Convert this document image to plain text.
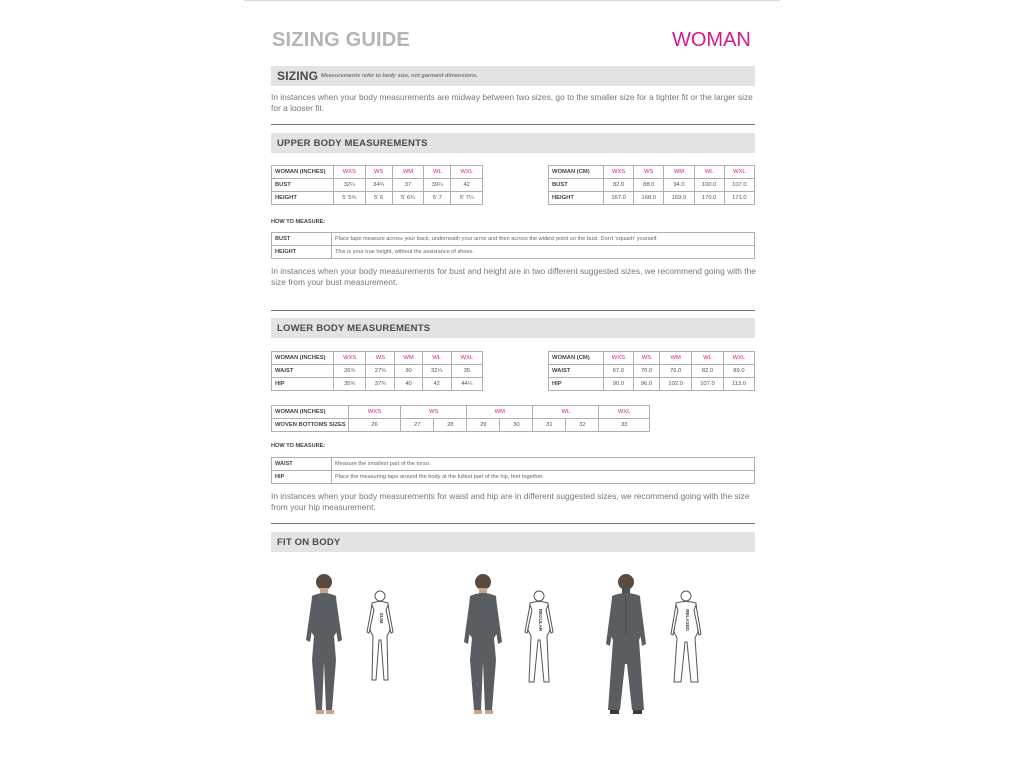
SIZING GUIDE	WOMAN
SIZING Measurements refer to body size, not garment dimensions.
In instances when your body measurements are midway between two sizes, go to the smaller size for a tighter fit or the larger size for a looser fit.
UPPER BODY MEASUREMENTS
WOMAN (INCHES)	WXS	WS	WM	WL	WXL
BUST	32¼	34¾	37	39¼	42
HEIGHT	5' 5¾	5' 6	5' 6¾	5' 7	5' 7¼
WOMAN (CM)	WXS	WS	WM	WL	WXL
BUST	82.0	88.0	94.0	100.0	107.0
HEIGHT	167.0	168.0	169.0	170.0	171.0
HOW TO MEASURE:
BUST	Place tape measure across your back, underneath your arms and then across the widest point on the bust. Don't 'squash' yourself.
HEIGHT	This is your true height, without the assistance of shoes.
In instances when your body measurements for bust and height are in two different suggested sizes, we recommend going with the size from your bust measurement.
LOWER BODY MEASUREMENTS
WOMAN (INCHES)	WXS	WS	WM	WL	WXL
WAIST	26¾	27¾	30	32¼	35
HIP	35¾	37¾	40	42	44¼
WOMAN (CM)	WXS	WS	WM	WL	WXL
WAIST	67.0	70.0	76.0	82.0	89.0
HIP	90.0	96.0	102.0	107.0	113.0
WOMAN (INCHES)	WXS	WS		WM		WL		WXL
WOVEN BOTTOMS SIZES	26	27	28	29	30	31	32	33
HOW TO MEASURE:
WAIST	Measure the smallest part of the torso.
HIP	Place the measuring tape around the body at the fullest part of the hip, feet together.
In instances when your body measurements for waist and hip are in different suggested sizes, we recommend going with the size from your hip measurement.
FIT ON BODY
SLIM	REGULAR	RELAXED
